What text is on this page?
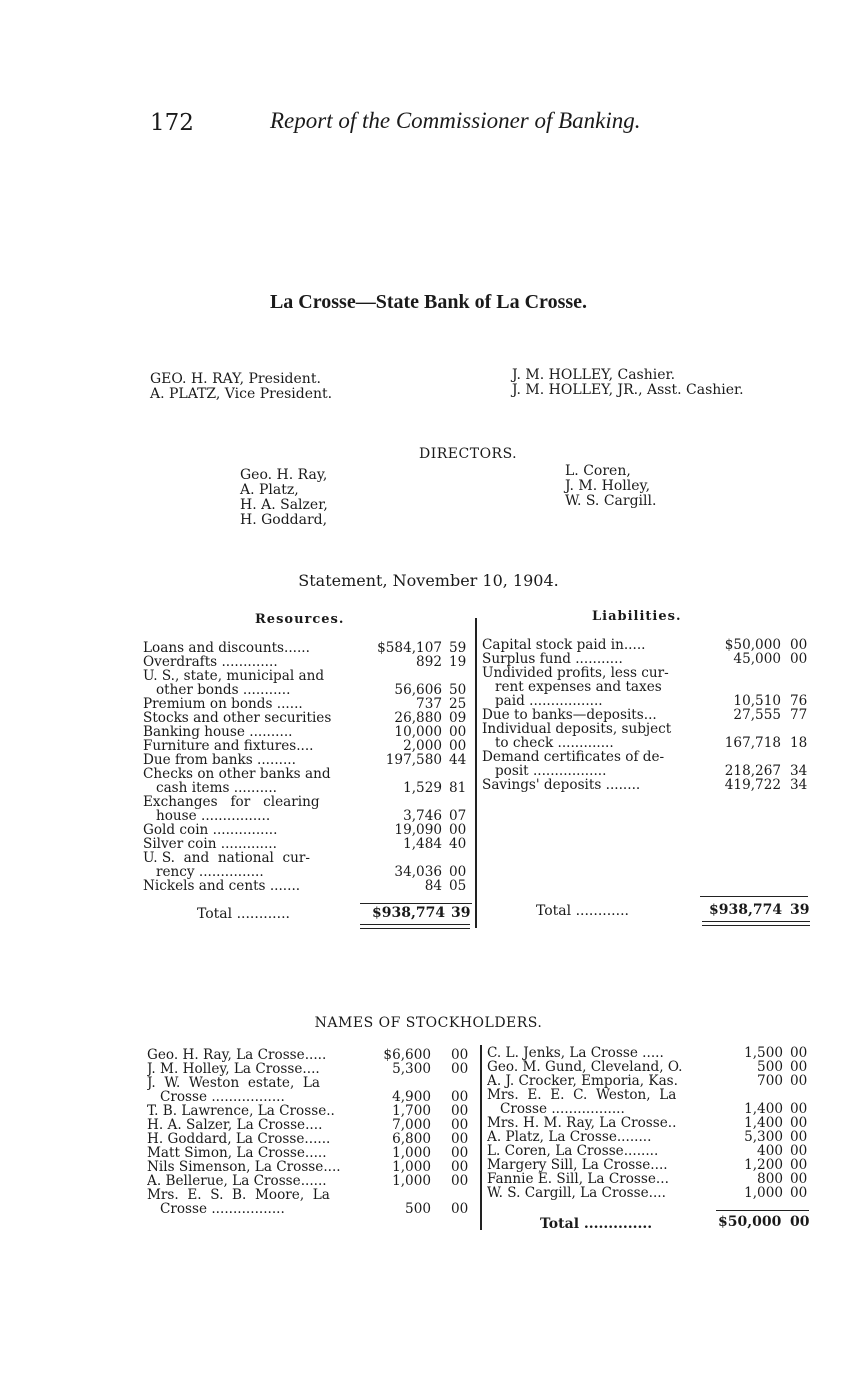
172	Report of the Commissioner of Banking.
La Crosse—State Bank of La Crosse.
GEO. H. RAY, President.
A. PLATZ, Vice President.
J. M. HOLLEY, Cashier.
J. M. HOLLEY, JR., Asst. Cashier.
DIRECTORS.
Geo. H. Ray,
A. Platz,
H. A. Salzer,
H. Goddard,
L. Coren,
J. M. Holley,
W. S. Cargill.
Statement, November 10, 1904.
Resources.	Liabilities.
Loans and discounts......	$584,107 59
Overdrafts .............	892 19
U. S., state, municipal and
other bonds ...........	56,606 50
Premium on bonds ......	737 25
Stocks and other securities	26,880 09
Banking house ..........	10,000 00
Furniture and fixtures....	2,000 00
Due from banks .........	197,580 44
Checks on other banks and
cash items ..........	1,529 81
Exchanges   for   clearing
house ................	3,746 07
Gold coin ...............	19,090 00
Silver coin .............	1,484 40
U. S.  and  national  cur-
rency ...............	34,036 00
Nickels and cents .......	84 05
Capital stock paid in.....	$50,000 00
Surplus fund ...........	45,000 00
Undivided profits, less cur-
rent expenses and taxes
paid .................	10,510 76
Due to banks—deposits...	27,555 77
Individual deposits, subject
to check .............	167,718 18
Demand certificates of de-
posit .................	218,267 34
Savings' deposits ........	419,722 34
Total ............	$938,774 39	Total ............	$938,774 39
NAMES OF STOCKHOLDERS.
Geo. H. Ray, La Crosse.....	$6,600 00
J. M. Holley, La Crosse....	5,300 00
J.  W.  Weston  estate,  La
Crosse .................	4,900 00
T. B. Lawrence, La Crosse..	1,700 00
H. A. Salzer, La Crosse....	7,000 00
H. Goddard, La Crosse......	6,800 00
Matt Simon, La Crosse.....	1,000 00
Nils Simenson, La Crosse....	1,000 00
A. Bellerue, La Crosse......	1,000 00
Mrs.  E.  S.  B.  Moore,  La
Crosse .................	500 00
C. L. Jenks, La Crosse .....	1,500 00
Geo. M. Gund, Cleveland, O.	500 00
A. J. Crocker, Emporia, Kas.	700 00
Mrs.  E.  E.  C.  Weston,  La
Crosse .................	1,400 00
Mrs. H. M. Ray, La Crosse..	1,400 00
A. Platz, La Crosse........	5,300 00
L. Coren, La Crosse........	400 00
Margery Sill, La Crosse....	1,200 00
Fannie E. Sill, La Crosse...	800 00
W. S. Cargill, La Crosse....	1,000 00
Total ..............	$50,000 00
